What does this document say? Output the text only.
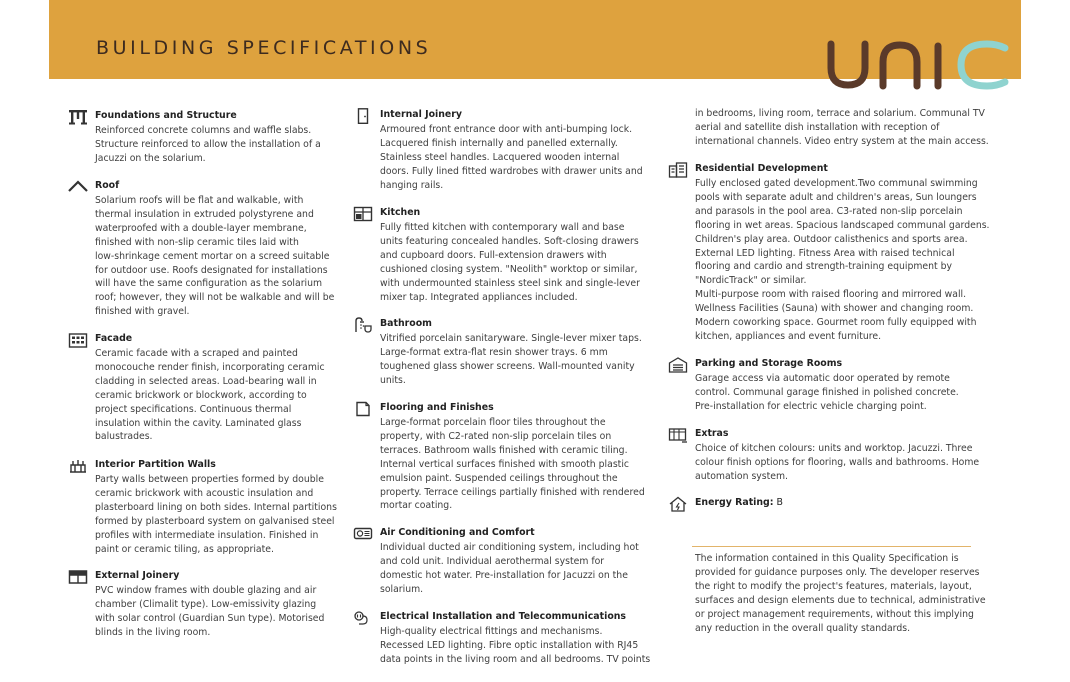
BUILDING SPECIFICATIONS
Foundations and Structure
Reinforced concrete columns and waffle slabs.
Structure reinforced to allow the installation of a
Jacuzzi on the solarium.
Roof
Solarium roofs will be flat and walkable, with
thermal insulation in extruded polystyrene and
waterproofed with a double-layer membrane,
finished with non-slip ceramic tiles laid with
low-shrinkage cement mortar on a screed suitable
for outdoor use. Roofs designated for installations
will have the same configuration as the solarium
roof; however, they will not be walkable and will be
finished with gravel.
Facade
Ceramic facade with a scraped and painted
monocouche render finish, incorporating ceramic
cladding in selected areas. Load-bearing wall in
ceramic brickwork or blockwork, according to
project specifications. Continuous thermal
insulation within the cavity. Laminated glass
balustrades.
Interior Partition Walls
Party walls between properties formed by double
ceramic brickwork with acoustic insulation and
plasterboard lining on both sides. Internal partitions
formed by plasterboard system on galvanised steel
profiles with intermediate insulation. Finished in
paint or ceramic tiling, as appropriate.
External Joinery
PVC window frames with double glazing and air
chamber (Climalit type). Low-emissivity glazing
with solar control (Guardian Sun type). Motorised
blinds in the living room.
Internal Joinery
Armoured front entrance door with anti-bumping lock.
Lacquered finish internally and panelled externally.
Stainless steel handles. Lacquered wooden internal
doors. Fully lined fitted wardrobes with drawer units and
hanging rails.
Kitchen
Fully fitted kitchen with contemporary wall and base
units featuring concealed handles. Soft-closing drawers
and cupboard doors. Full-extension drawers with
cushioned closing system. "Neolith" worktop or similar,
with undermounted stainless steel sink and single-lever
mixer tap. Integrated appliances included.
Bathroom
Vitrified porcelain sanitaryware. Single-lever mixer taps.
Large-format extra-flat resin shower trays. 6 mm
toughened glass shower screens. Wall-mounted vanity
units.
Flooring and Finishes
Large-format porcelain floor tiles throughout the
property, with C2-rated non-slip porcelain tiles on
terraces. Bathroom walls finished with ceramic tiling.
Internal vertical surfaces finished with smooth plastic
emulsion paint. Suspended ceilings throughout the
property. Terrace ceilings partially finished with rendered
mortar coating.
Air Conditioning and Comfort
Individual ducted air conditioning system, including hot
and cold unit. Individual aerothermal system for
domestic hot water. Pre-installation for Jacuzzi on the
solarium.
Electrical Installation and Telecommunications
High-quality electrical fittings and mechanisms.
Recessed LED lighting. Fibre optic installation with RJ45
data points in the living room and all bedrooms. TV points
in bedrooms, living room, terrace and solarium. Communal TV
aerial and satellite dish installation with reception of
international channels. Video entry system at the main access.
Residential Development
Fully enclosed gated development.Two communal swimming
pools with separate adult and children's areas, Sun loungers
and parasols in the pool area. C3-rated non-slip porcelain
flooring in wet areas. Spacious landscaped communal gardens.
Children's play area. Outdoor calisthenics and sports area.
External LED lighting. Fitness Area with raised technical
flooring and cardio and strength-training equipment by
"NordicTrack" or similar.
Multi-purpose room with raised flooring and mirrored wall.
Wellness Facilities (Sauna) with shower and changing room.
Modern coworking space. Gourmet room fully equipped with
kitchen, appliances and event furniture.
Parking and Storage Rooms
Garage access via automatic door operated by remote
control. Communal garage finished in polished concrete.
Pre-installation for electric vehicle charging point.
Extras
Choice of kitchen colours: units and worktop. Jacuzzi. Three
colour finish options for flooring, walls and bathrooms. Home
automation system.
Energy Rating: B
The information contained in this Quality Specification is
provided for guidance purposes only. The developer reserves
the right to modify the project's features, materials, layout,
surfaces and design elements due to technical, administrative
or project management requirements, without this implying
any reduction in the overall quality standards.
